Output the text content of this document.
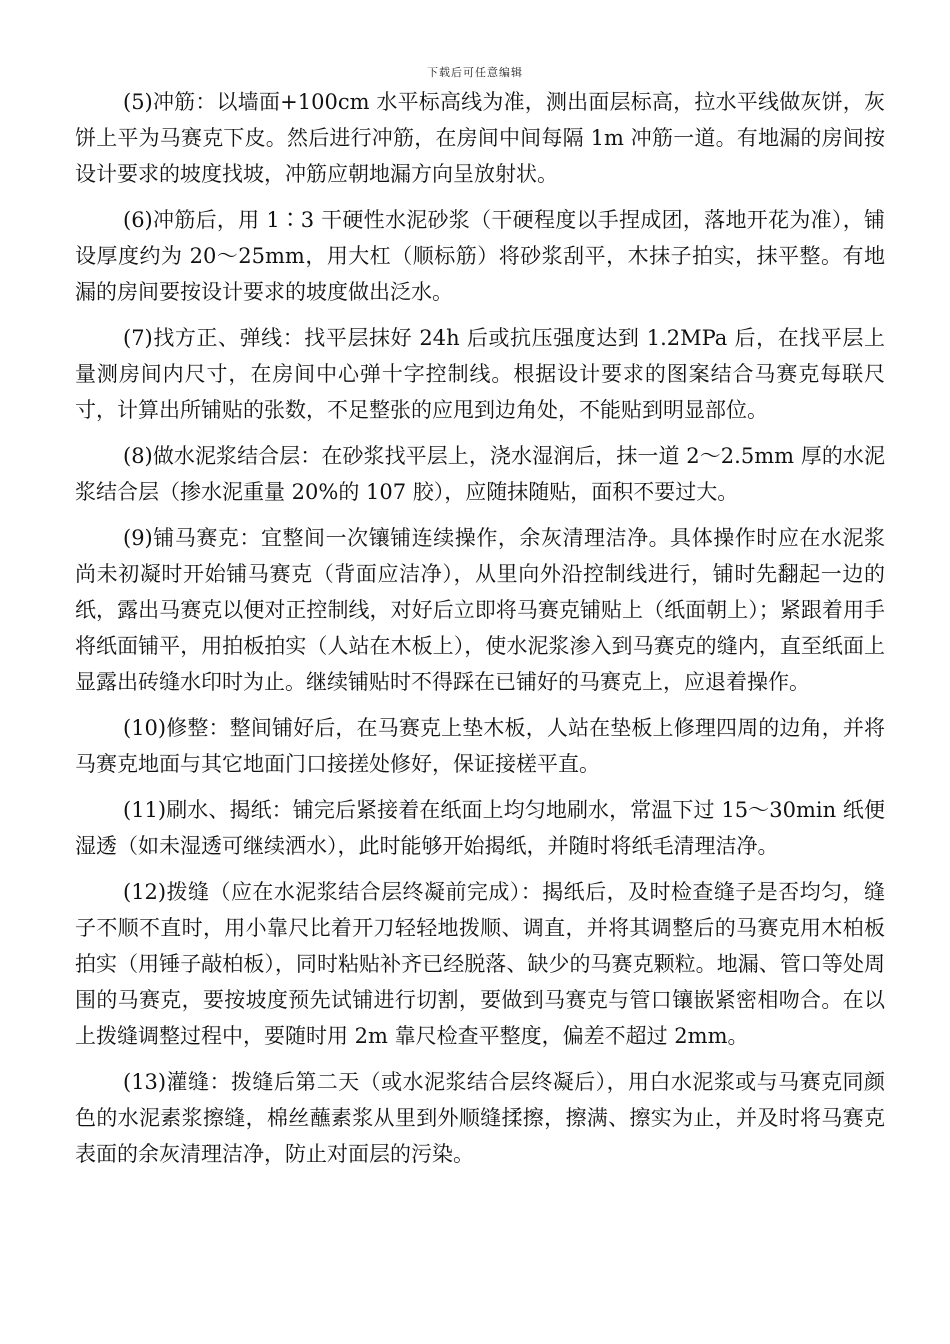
下载后可任意编辑

(5)冲筋：以墙面+100cm 水平标高线为准，测出面层标高，拉水平线做灰饼，灰饼上平为马赛克下皮。然后进行冲筋，在房间中间每隔 1m 冲筋一道。有地漏的房间按设计要求的坡度找坡，冲筋应朝地漏方向呈放射状。

(6)冲筋后，用 1∶3 干硬性水泥砂浆（干硬程度以手捏成团，落地开花为准），铺设厚度约为 20～25mm，用大杠（顺标筋）将砂浆刮平，木抹子拍实，抹平整。有地漏的房间要按设计要求的坡度做出泛水。

(7)找方正、弹线：找平层抹好 24h 后或抗压强度达到 1.2MPa 后，在找平层上量测房间内尺寸，在房间中心弹十字控制线。根据设计要求的图案结合马赛克每联尺寸，计算出所铺贴的张数，不足整张的应甩到边角处，不能贴到明显部位。

(8)做水泥浆结合层：在砂浆找平层上，浇水湿润后，抹一道 2～2.5mm 厚的水泥浆结合层（掺水泥重量 20%的 107 胶），应随抹随贴，面积不要过大。

(9)铺马赛克：宜整间一次镶铺连续操作，余灰清理洁净。具体操作时应在水泥浆尚未初凝时开始铺马赛克（背面应洁净），从里向外沿控制线进行，铺时先翻起一边的纸，露出马赛克以便对正控制线，对好后立即将马赛克铺贴上（纸面朝上）；紧跟着用手将纸面铺平，用拍板拍实（人站在木板上），使水泥浆渗入到马赛克的缝内，直至纸面上显露出砖缝水印时为止。继续铺贴时不得踩在已铺好的马赛克上，应退着操作。

(10)修整：整间铺好后，在马赛克上垫木板，人站在垫板上修理四周的边角，并将马赛克地面与其它地面门口接搓处修好，保证接槎平直。

(11)刷水、揭纸：铺完后紧接着在纸面上均匀地刷水，常温下过 15～30min 纸便湿透（如未湿透可继续洒水），此时能够开始揭纸，并随时将纸毛清理洁净。

(12)拨缝（应在水泥浆结合层终凝前完成）：揭纸后，及时检查缝子是否均匀，缝子不顺不直时，用小靠尺比着开刀轻轻地拨顺、调直，并将其调整后的马赛克用木柏板拍实（用锤子敲柏板），同时粘贴补齐已经脱落、缺少的马赛克颗粒。地漏、管口等处周围的马赛克，要按坡度预先试铺进行切割，要做到马赛克与管口镶嵌紧密相吻合。在以上拨缝调整过程中，要随时用 2m 靠尺检查平整度，偏差不超过 2mm。

(13)灌缝：拨缝后第二天（或水泥浆结合层终凝后），用白水泥浆或与马赛克同颜色的水泥素浆擦缝，棉丝蘸素浆从里到外顺缝揉擦，擦满、擦实为止，并及时将马赛克表面的余灰清理洁净，防止对面层的污染。
